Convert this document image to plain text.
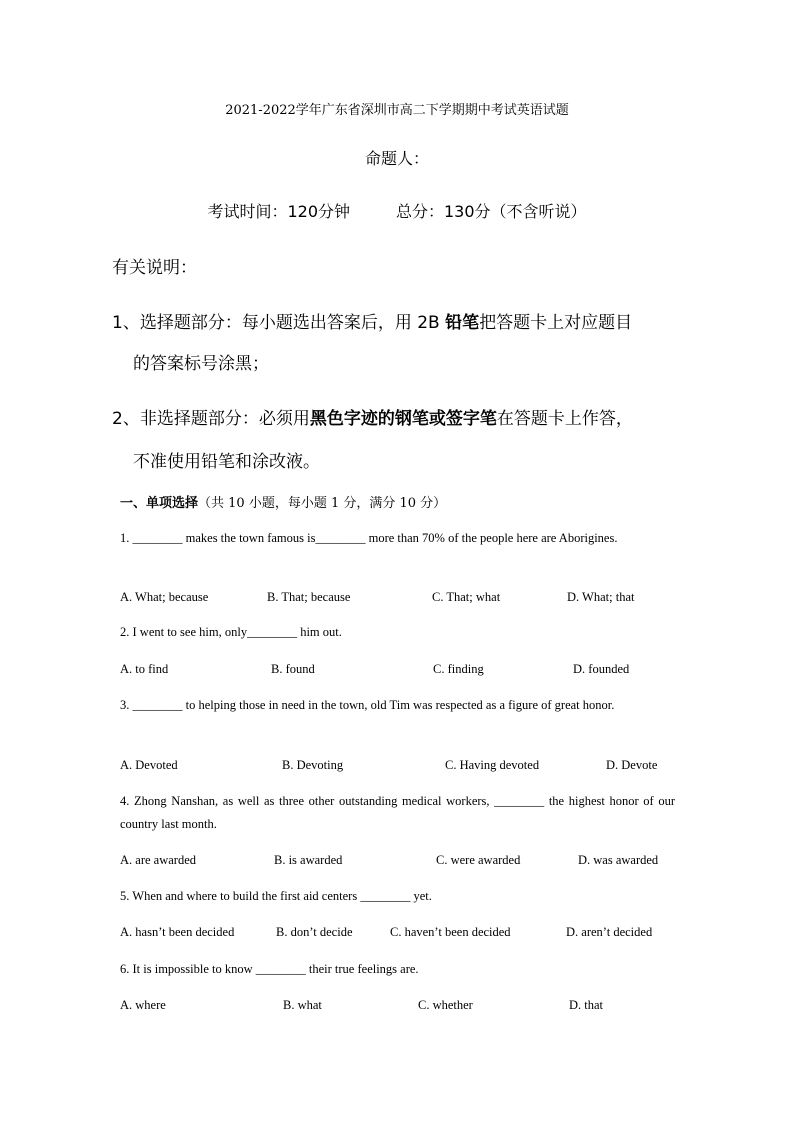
2021-2022学年广东省深圳市高二下学期期中考试英语试题
命题人：
考试时间：120分钟	总分：130分（不含听说）
有关说明：
1、选择题部分：每小题选出答案后，用 2B 铅笔把答题卡上对应题目
的答案标号涂黑；
2、非选择题部分：必须用黑色字迹的钢笔或签字笔在答题卡上作答，
不准使用铅笔和涂改液。
一、单项选择（共 10 小题，每小题 1 分，满分 10 分）
1. ________ makes the town famous is________ more than 70% of the people here are Aborigines.
A. What; because	B. That; because	C. That; what	D. What; that
2. I went to see him, only________ him out.
A. to find	B. found	C. finding	D. founded
3. ________ to helping those in need in the town, old Tim was respected as a figure of great honor.
A. Devoted	B. Devoting	C. Having devoted	D. Devote
4. Zhong Nanshan, as well as three other outstanding medical workers, ________ the highest honor of our country last month.
A. are awarded	B. is awarded	C. were awarded	D. was awarded
5. When and where to build the first aid centers ________ yet.
A. hasn’t been decided	B. don’t decide	C. haven’t been decided	D. aren’t decided
6. It is impossible to know ________ their true feelings are.
A. where	B. what	C. whether	D. that
